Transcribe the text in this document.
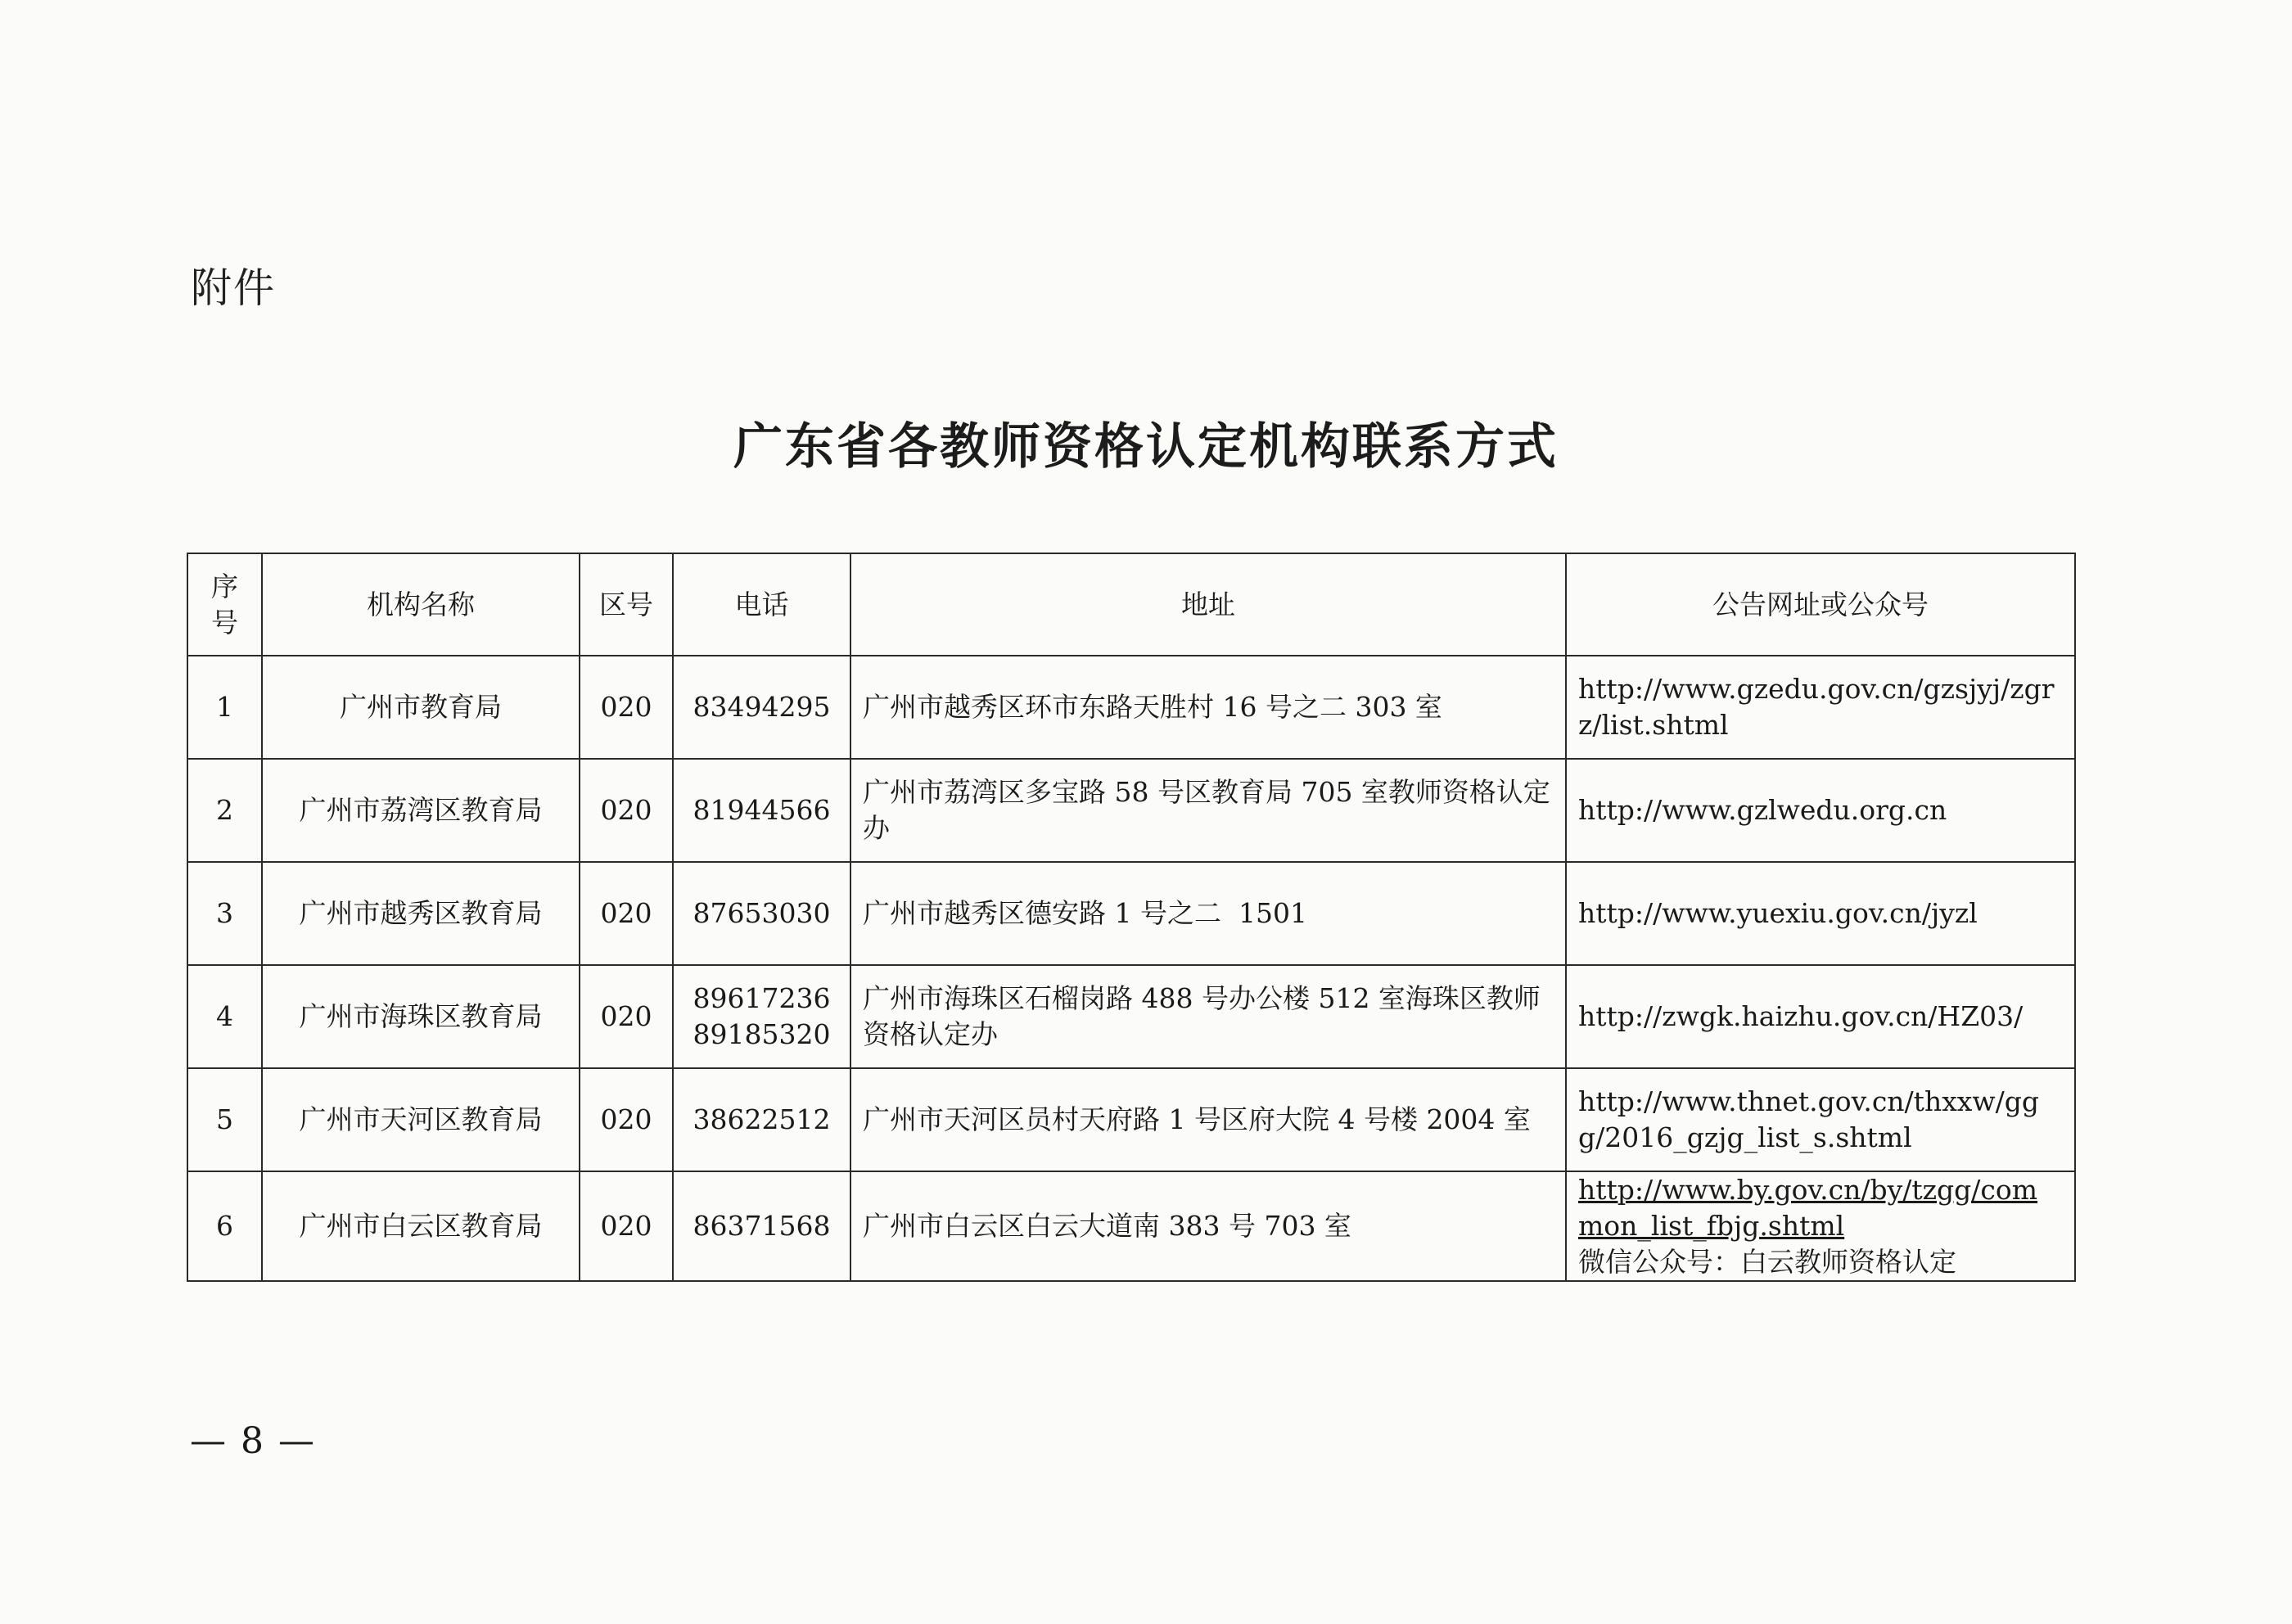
附件
广东省各教师资格认定机构联系方式
序
号	机构名称	区号	电话	地址	公告网址或公众号
1	广州市教育局	020	83494295	广州市越秀区环市东路天胜村 16 号之二 303 室	http://www.gzedu.gov.cn/gzsjyj/zgrz/list.shtml
2	广州市荔湾区教育局	020	81944566	广州市荔湾区多宝路 58 号区教育局 705 室教师资格认定办	http://www.gzlwedu.org.cn
3	广州市越秀区教育局	020	87653030	广州市越秀区德安路 1 号之二  1501	http://www.yuexiu.gov.cn/jyzl
4	广州市海珠区教育局	020	89617236
89185320	广州市海珠区石榴岗路 488 号办公楼 512 室海珠区教师资格认定办	http://zwgk.haizhu.gov.cn/HZ03/
5	广州市天河区教育局	020	38622512	广州市天河区员村天府路 1 号区府大院 4 号楼 2004 室	http://www.thnet.gov.cn/thxxw/ggg/2016_gzjg_list_s.shtml
6	广州市白云区教育局	020	86371568	广州市白云区白云大道南 383 号 703 室	http://www.by.gov.cn/by/tzgg/common_list_fbjg.shtml
微信公众号：白云教师资格认定
— 8 —
